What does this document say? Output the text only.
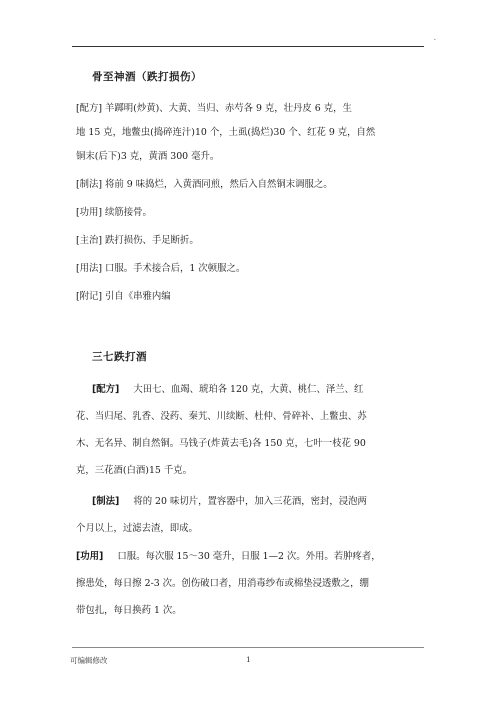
.
骨至神酒（跌打损伤）
[配方] 羊踯明(炒黄)、大黄、当归、赤芍各 9 克，壮丹皮 6 克，生
地 15 克，地鳖虫(捣碎连汁)10 个，土虱(捣烂)30 个、红花 9 克，自然
铜末(后下)3 克，黄酒 300 毫升。
[制法] 将前 9 味捣烂，入黄酒同煎，然后入自然铜末调服之。
[功用] 续筋接骨。
[主治] 跌打损伤、手足断折。
[用法] 口服。手术接合后，1 次顿服之。
[附记] 引自《串雅内编
三七跌打酒
[配方] 大田七、血竭、琥珀各 120 克，大黄、桃仁、泽兰、红
花、当归尾、乳香、没药、秦艽、川续断、杜仲、骨碎补、上鳖虫、苏
木、无名异、制自然铜。马钱子(炸黄去毛)各 150 克，七叶一枝花 90
克，三花酒(白酒)15 千克。
[制法] 将的 20 味切片，置容器中，加入三花酒，密封，浸泡两
个月以上，过滤去渣，即成。
[功用] 口服。每次服 15～30 毫升，日服 1—2 次。外用。若肿疼者，
擦患处，每日擦 2-3 次。创伤破口者，用消毒纱布或棉垫浸透敷之，绷
带包扎，每日换药 1 次。
可编辑修改	1
